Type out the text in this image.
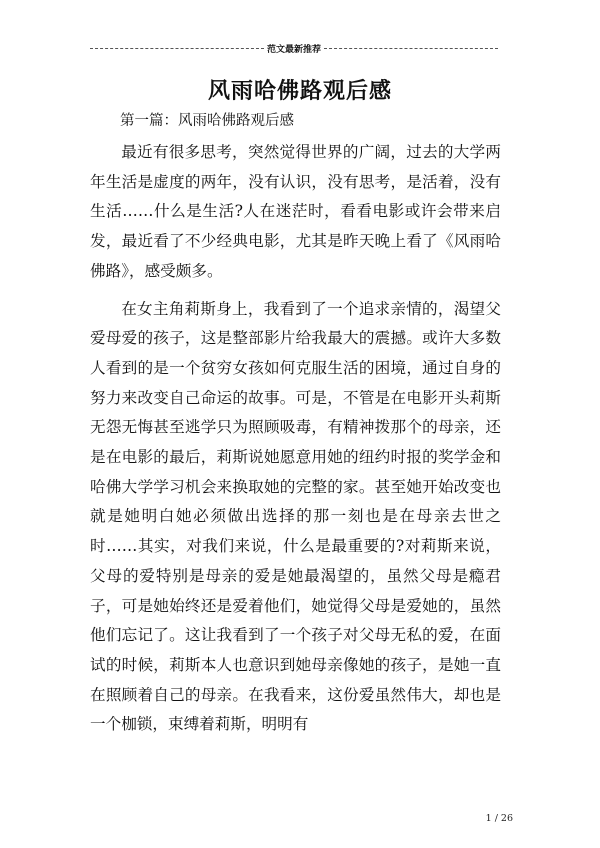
范文最新推荐
风雨哈佛路观后感
第一篇：风雨哈佛路观后感

最近有很多思考，突然觉得世界的广阔，过去的大学两年生活是虚度的两年，没有认识，没有思考，是活着，没有生活……什么是生活?人在迷茫时，看看电影或许会带来启发，最近看了不少经典电影，尤其是昨天晚上看了《风雨哈佛路》，感受颇多。

在女主角莉斯身上，我看到了一个追求亲情的，渴望父爱母爱的孩子，这是整部影片给我最大的震撼。或许大多数人看到的是一个贫穷女孩如何克服生活的困境，通过自身的努力来改变自己命运的故事。可是，不管是在电影开头莉斯无怨无悔甚至逃学只为照顾吸毒，有精神拨那个的母亲，还是在电影的最后，莉斯说她愿意用她的纽约时报的奖学金和哈佛大学学习机会来换取她的完整的家。甚至她开始改变也就是她明白她必须做出选择的那一刻也是在母亲去世之时……其实，对我们来说，什么是最重要的?对莉斯来说，父母的爱特别是母亲的爱是她最渴望的，虽然父母是瘾君子，可是她始终还是爱着他们，她觉得父母是爱她的，虽然他们忘记了。这让我看到了一个孩子对父母无私的爱，在面试的时候，莉斯本人也意识到她母亲像她的孩子，是她一直在照顾着自己的母亲。在我看来，这份爱虽然伟大，却也是一个枷锁，束缚着莉斯，明明有

1 / 26
